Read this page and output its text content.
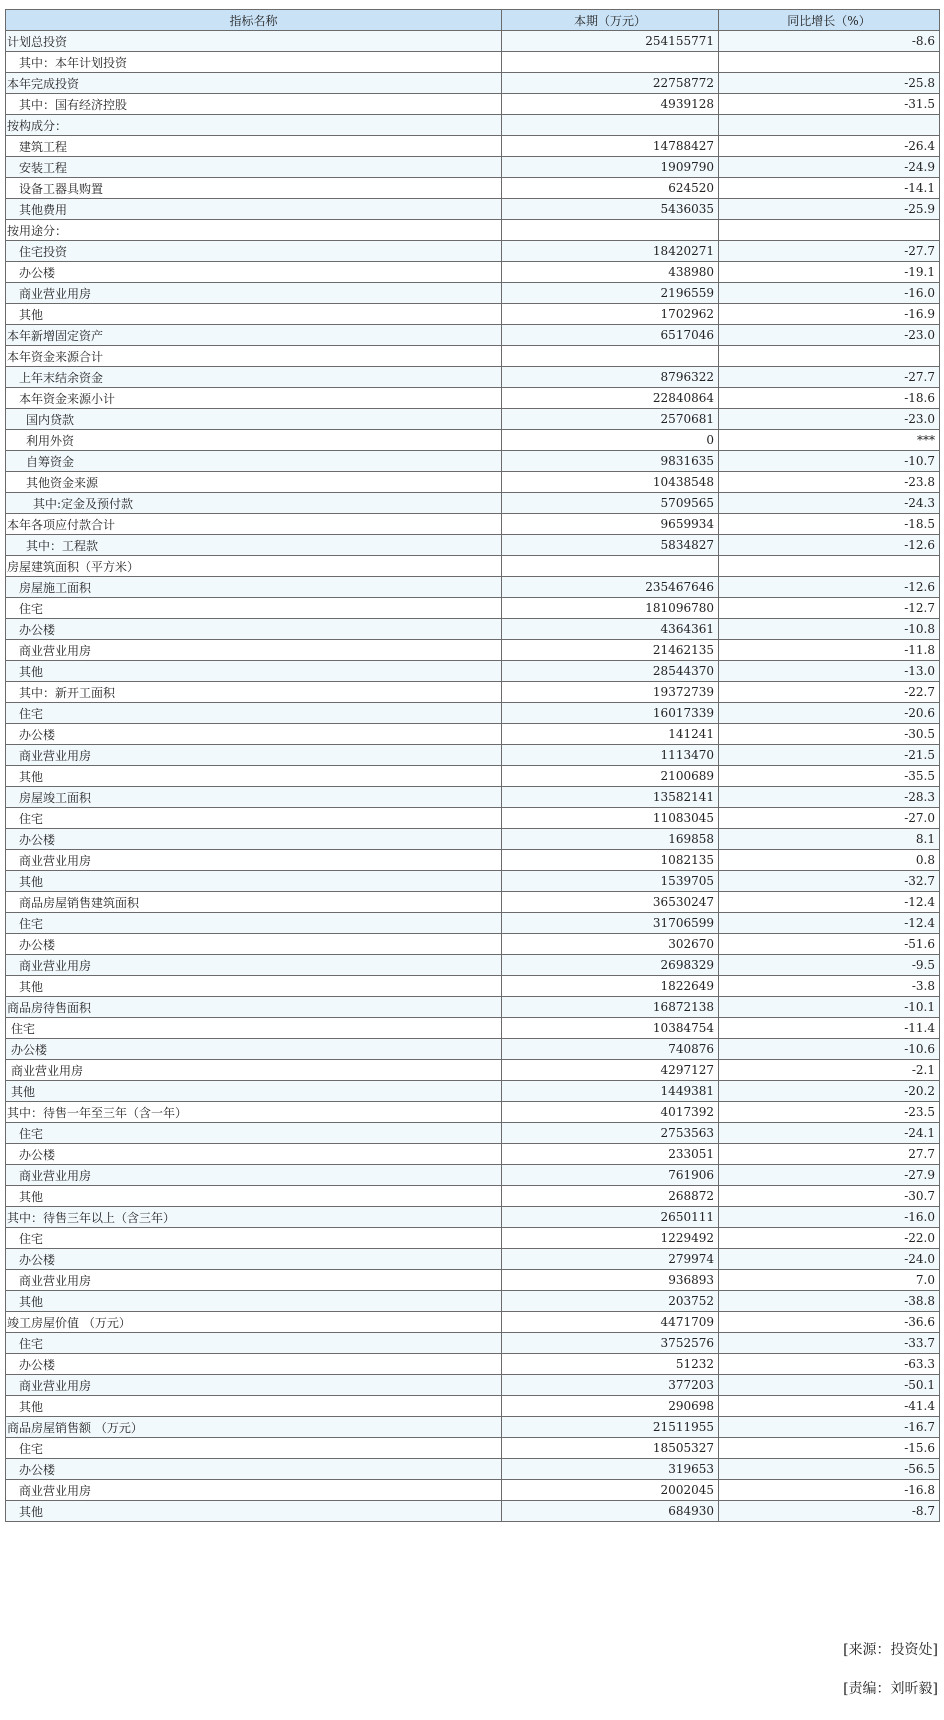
指标名称	本期（万元）	同比增长（%）
计划总投资	254155771	-8.6
其中：本年计划投资		
本年完成投资	22758772	-25.8
其中：国有经济控股	4939128	-31.5
按构成分：		
建筑工程	14788427	-26.4
安装工程	1909790	-24.9
设备工器具购置	624520	-14.1
其他费用	5436035	-25.9
按用途分：		
住宅投资	18420271	-27.7
办公楼	438980	-19.1
商业营业用房	2196559	-16.0
其他	1702962	-16.9
本年新增固定资产	6517046	-23.0
本年资金来源合计		
上年末结余资金	8796322	-27.7
本年资金来源小计	22840864	-18.6
国内贷款	2570681	-23.0
利用外资	0	***
自筹资金	9831635	-10.7
其他资金来源	10438548	-23.8
其中:定金及预付款	5709565	-24.3
本年各项应付款合计	9659934	-18.5
其中：工程款	5834827	-12.6
房屋建筑面积（平方米）		
房屋施工面积	235467646	-12.6
住宅	181096780	-12.7
办公楼	4364361	-10.8
商业营业用房	21462135	-11.8
其他	28544370	-13.0
其中：新开工面积	19372739	-22.7
住宅	16017339	-20.6
办公楼	141241	-30.5
商业营业用房	1113470	-21.5
其他	2100689	-35.5
房屋竣工面积	13582141	-28.3
住宅	11083045	-27.0
办公楼	169858	8.1
商业营业用房	1082135	0.8
其他	1539705	-32.7
商品房屋销售建筑面积	36530247	-12.4
住宅	31706599	-12.4
办公楼	302670	-51.6
商业营业用房	2698329	-9.5
其他	1822649	-3.8
商品房待售面积	16872138	-10.1
住宅	10384754	-11.4
办公楼	740876	-10.6
商业营业用房	4297127	-2.1
其他	1449381	-20.2
其中：待售一年至三年（含一年）	4017392	-23.5
住宅	2753563	-24.1
办公楼	233051	27.7
商业营业用房	761906	-27.9
其他	268872	-30.7
其中：待售三年以上（含三年）	2650111	-16.0
住宅	1229492	-22.0
办公楼	279974	-24.0
商业营业用房	936893	7.0
其他	203752	-38.8
竣工房屋价值 （万元）	4471709	-36.6
住宅	3752576	-33.7
办公楼	51232	-63.3
商业营业用房	377203	-50.1
其他	290698	-41.4
商品房屋销售额 （万元）	21511955	-16.7
住宅	18505327	-15.6
办公楼	319653	-56.5
商业营业用房	2002045	-16.8
其他	684930	-8.7
[来源：投资处]
[责编：刘昕毅]
